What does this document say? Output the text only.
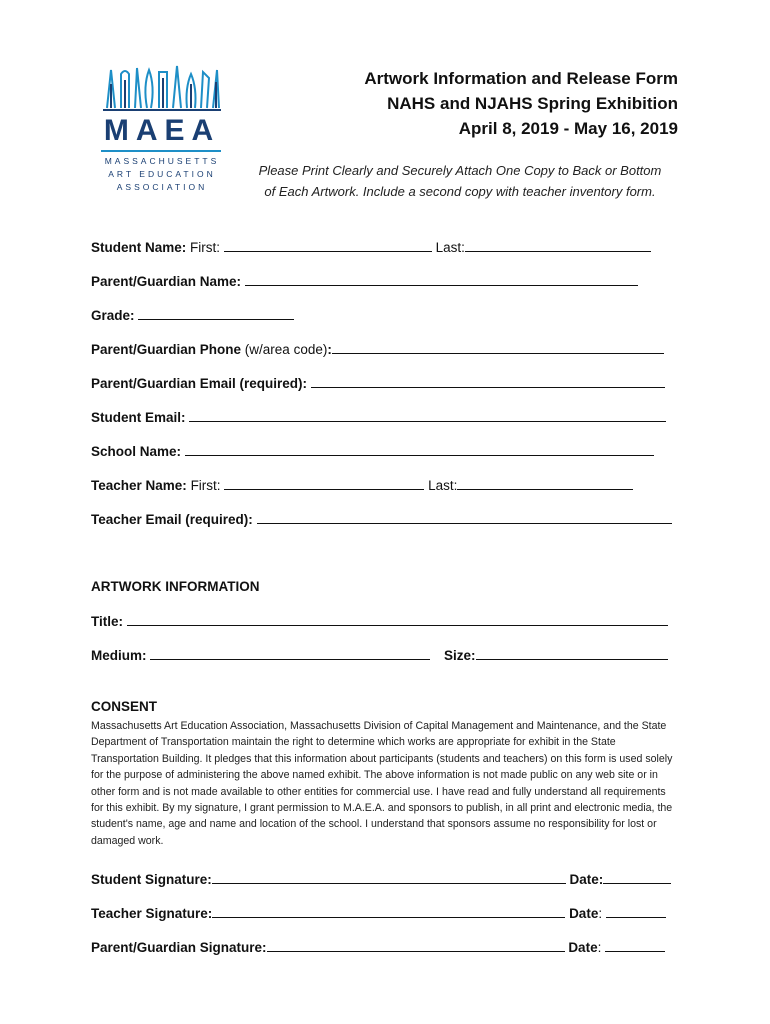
MAEA
MASSACHUSETTS
ART EDUCATION
ASSOCIATION
Artwork Information and Release Form
NAHS and NJAHS Spring Exhibition
April 8, 2019 - May 16, 2019
Please Print Clearly and Securely Attach One Copy to Back or Bottom
of Each Artwork. Include a second copy with teacher inventory form.
Student Name: First:	Last:
Parent/Guardian Name:
Grade:
Parent/Guardian Phone (w/area code):
Parent/Guardian Email (required):
Student Email:
School Name:
Teacher Name: First:	Last:
Teacher Email (required):
ARTWORK INFORMATION
Title:
Medium:	Size:
CONSENT
Massachusetts Art Education Association, Massachusetts Division of Capital Management and Maintenance, and the State Department of Transportation maintain the right to determine which works are appropriate for exhibit in the State Transportation Building. It pledges that this information about participants (students and teachers) on this form is used solely for the purpose of administering the above named exhibit. The above information is not made public on any web site or in other form and is not made available to other entities for commercial use. I have read and fully understand all requirements for this exhibit. By my signature, I grant permission to M.A.E.A. and sponsors to publish, in all print and electronic media, the student's name, age and name and location of the school. I understand that sponsors assume no responsibility for lost or damaged work.
Student Signature:	Date:
Teacher Signature:	Date:
Parent/Guardian Signature:	Date:
